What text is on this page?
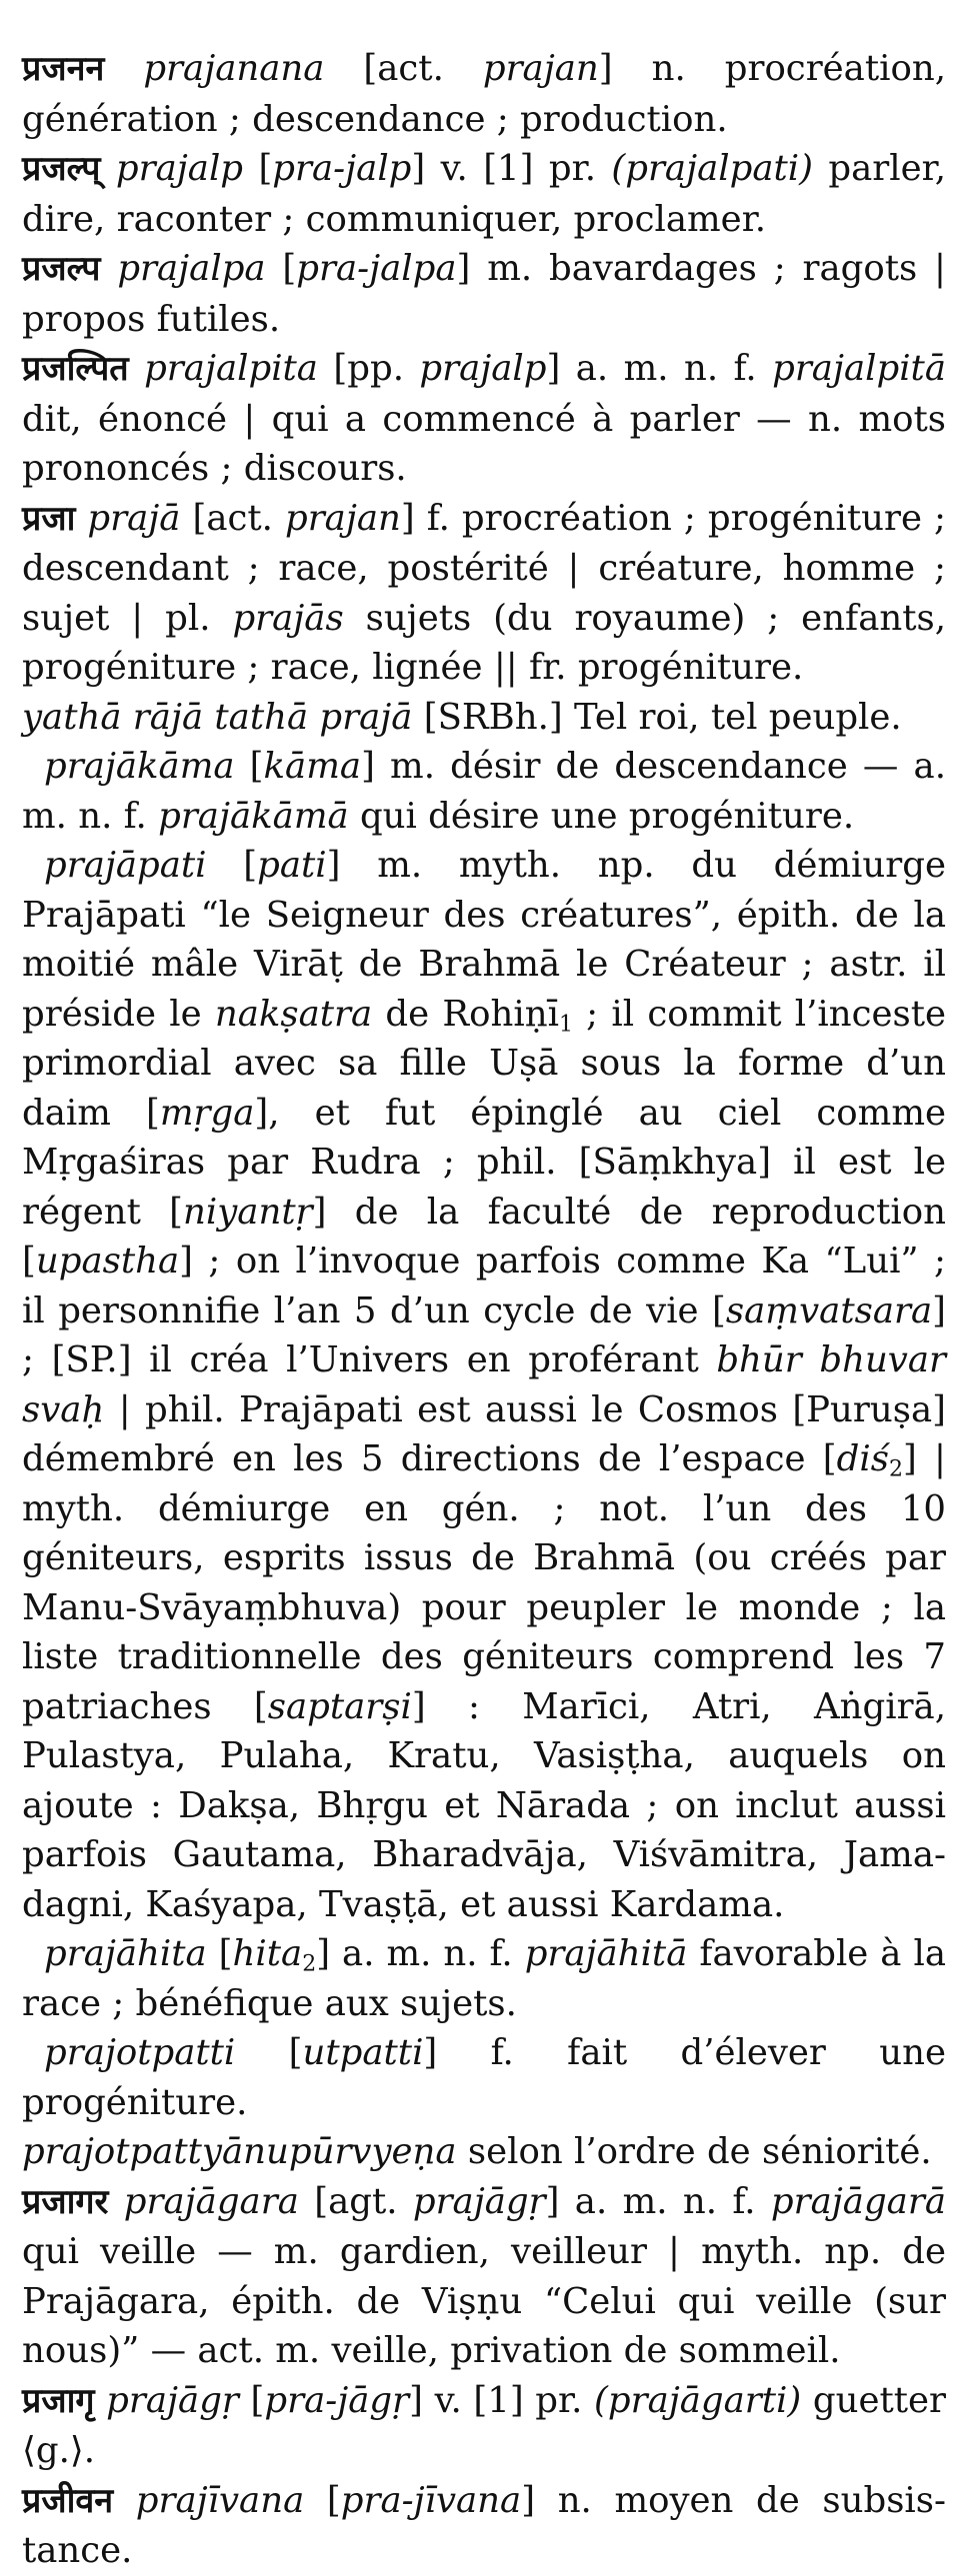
प्रजनन prajanana [act. prajan] n. procréation, génération ; descendance ; production.

प्रजल्प् prajalp [pra-jalp] v. [1] pr. (prajalpati) parler, dire, raconter ; communiquer, proclamer.

प्रजल्प prajalpa [pra-jalpa] m. bavardages ; ragots | propos futiles.

प्रजल्पित prajalpita [pp. prajalp] a. m. n. f. prajalpitā dit, énoncé | qui a commencé à parler — n. mots prononcés ; discours.

प्रजा prajā [act. prajan] f. procréation ; progéniture ; descendant ; race, postérité | créature, homme ; sujet | pl. prajās sujets (du royaume) ; enfants, progéniture ; race, lignée || fr. progéniture.

yathā rājā tathā prajā [SRBh.] Tel roi, tel peuple.

prajākāma [kāma] m. désir de descendance — a. m. n. f. prajākāmā qui désire une progéniture.

prajāpati [pati] m. myth. np. du démiurge Prajāpati “le Seigneur des créatures”, épith. de la moitié mâle Virāṭ de Brahmā le Créateur ; astr. il préside le nakṣatra de Rohiṇī$_1$ ; il commit l’inceste primordial avec sa fille Uṣā sous la forme d’un daim [mṛga], et fut épinglé au ciel comme Mṛgaśiras par Rudra ; phil. [Sāṃkhya] il est le régent [niyantṛ] de la faculté de reproduction [upastha] ; on l’invoque parfois comme Ka “Lui” ; il personnifie l’an 5 d’un cycle de vie [saṃvatsara] ; [SP.] il créa l’Univers en proférant bhūr bhuvar svaḥ | phil. Prajāpati est aussi le Cosmos [Puruṣa] démembré en les 5 directions de l’espace [diś$_2$] | myth. démiurge en gén. ; not. l’un des 10 géniteurs, esprits issus de Brahmā (ou créés par Manu-Svāyaṃbhuva) pour peupler le monde ; la liste traditionnelle des géniteurs comprend les 7 patriaches [saptarṣi] : Marīci, Atri, Aṅgirā, Pulastya, Pulaha, Kratu, Vasiṣṭha, auquels on ajoute : Dakṣa, Bhṛgu et Nārada ; on inclut aussi parfois Gautama, Bharadvāja, Viśvāmitra, Jamadagni, Kaśyapa, Tvaṣṭā, et aussi Kardama.

prajāhita [hita$_2$] a. m. n. f. prajāhitā favorable à la race ; bénéfique aux sujets.

prajotpatti [utpatti] f. fait d’élever une progéniture.

prajotpattyānupūrvyeṇa selon l’ordre de séniorité.

प्रजागर prajāgara [agt. prajāgṛ] a. m. n. f. prajāgarā qui veille — m. gardien, veilleur | myth. np. de Prajāgara, épith. de Viṣṇu “Celui qui veille (sur nous)” — act. m. veille, privation de sommeil.

प्रजागृ prajāgṛ [pra-jāgṛ] v. [1] pr. (prajāgarti) guetter ⟨g.⟩.

प्रजीवन prajīvana [pra-jīvana] n. moyen de subsistance.
